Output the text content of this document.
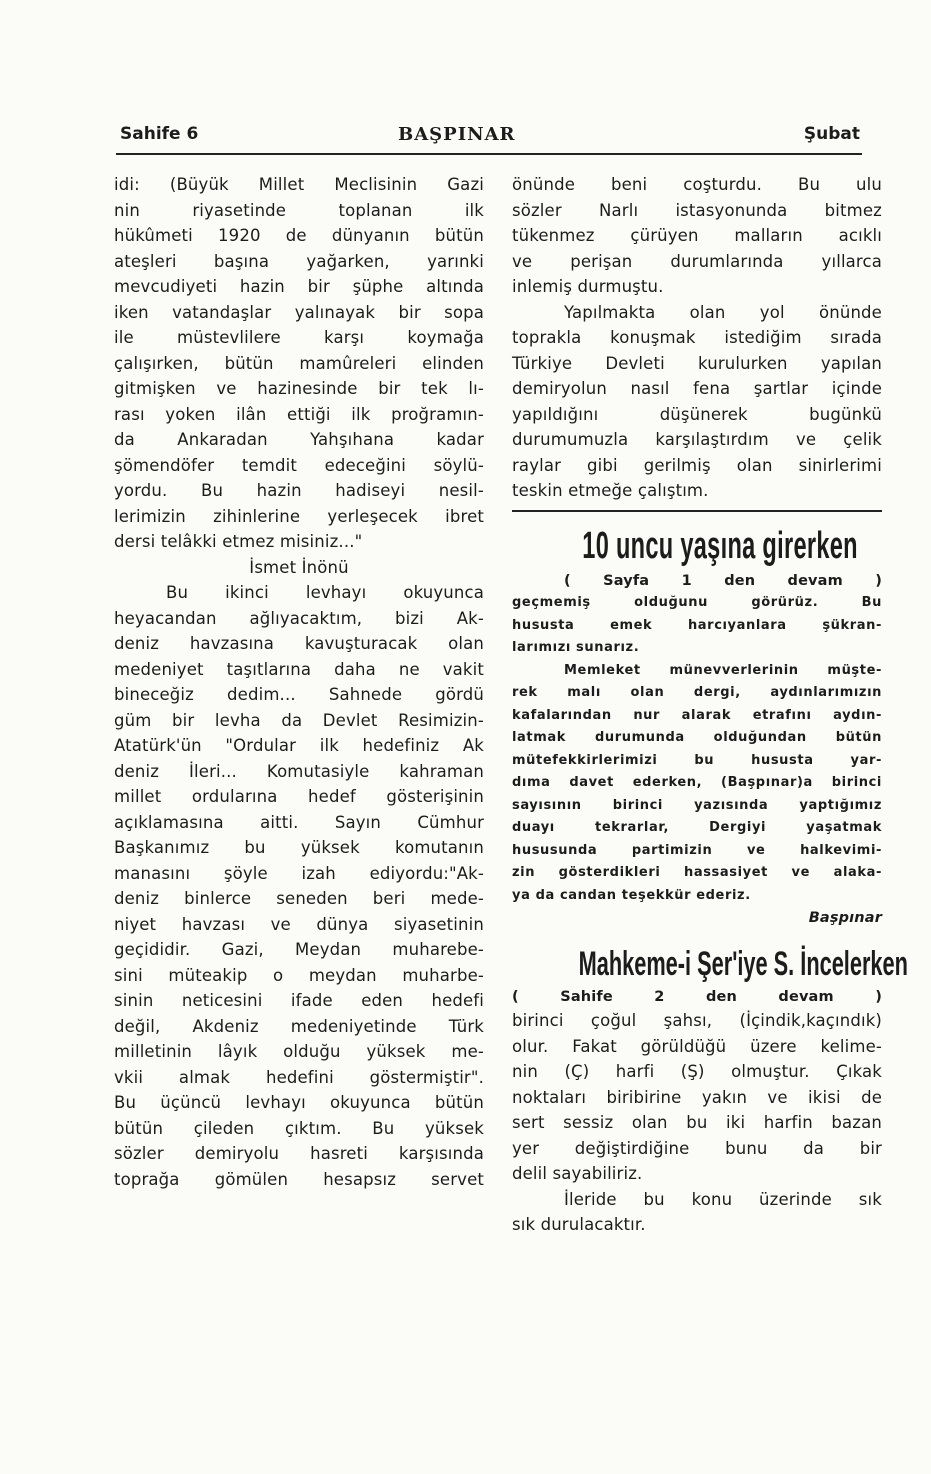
Sahife 6	BAŞPINAR	Şubat
idi: (Büyük Millet Meclisinin Gazi
nin riyasetinde toplanan ilk
hükûmeti 1920 de dünyanın bütün
ateşleri başına yağarken, yarınki
mevcudiyeti hazin bir şüphe altında
iken vatandaşlar yalınayak bir sopa
ile müstevlilere karşı koymağa
çalışırken, bütün mamûreleri elinden
gitmişken ve hazinesinde bir tek lı-
rası yoken ilân ettiği ilk proğramın-
da Ankaradan Yahşıhana kadar
şömendöfer temdit edeceğini söylü-
yordu. Bu hazin hadiseyi nesil-
lerimizin zihinlerine yerleşecek ibret
dersi telâkki etmez misiniz..."
İsmet İnönü
Bu ikinci levhayı okuyunca
heyacandan ağlıyacaktım, bizi Ak-
deniz havzasına kavuşturacak olan
medeniyet taşıtlarına daha ne vakit
bineceğiz dedim... Sahnede gördü
güm bir levha da Devlet Resimizin-
Atatürk'ün "Ordular ilk hedefiniz Ak
deniz İleri... Komutasiyle kahraman
millet ordularına hedef gösterişinin
açıklamasına aitti. Sayın Cümhur
Başkanımız bu yüksek komutanın
manasını şöyle izah ediyordu:"Ak-
deniz binlerce seneden beri mede-
niyet havzası ve dünya siyasetinin
geçididir. Gazi, Meydan muharebe-
sini müteakip o meydan muharbe-
sinin neticesini ifade eden hedefi
değil, Akdeniz medeniyetinde Türk
milletinin lâyık olduğu yüksek me-
vkii almak hedefini göstermiştir".
Bu üçüncü levhayı okuyunca bütün
bütün çileden çıktım. Bu yüksek
sözler demiryolu hasreti karşısında
toprağa gömülen hesapsız servet
önünde beni coşturdu. Bu ulu
sözler Narlı istasyonunda bitmez
tükenmez çürüyen malların acıklı
ve perişan durumlarında yıllarca
inlemiş durmuştu.
Yapılmakta olan yol önünde
toprakla konuşmak istediğim sırada
Türkiye Devleti kurulurken yapılan
demiryolun nasıl fena şartlar içinde
yapıldığını düşünerek bugünkü
durumumuzla karşılaştırdım ve çelik
raylar gibi gerilmiş olan sinirlerimi
teskin etmeğe çalıştım.
10 uncu yaşına girerken
( Sayfa 1 den devam )
geçmemiş olduğunu görürüz. Bu
hususta emek harcıyanlara şükran-
larımızı sunarız.
Memleket münevverlerinin müşte-
rek malı olan dergi, aydınlarımızın
kafalarından nur alarak etrafını aydın-
latmak durumunda olduğundan bütün
mütefekkirlerimizi bu hususta yar-
dıma davet ederken, (Başpınar)a birinci
sayısının birinci yazısında yaptığımız
duayı tekrarlar, Dergiyi yaşatmak
hususunda partimizin ve halkevimi-
zin gösterdikleri hassasiyet ve alaka-
ya da candan teşekkür ederiz.
Başpınar
Mahkeme-i Şer'iye S. İncelerken
( Sahife 2 den devam )
birinci çoğul şahsı, (İçindik,kaçındık)
olur. Fakat görüldüğü üzere kelime-
nin (Ç) harfi (Ş) olmuştur. Çıkak
noktaları biribirine yakın ve ikisi de
sert sessiz olan bu iki harfin bazan
yer değiştirdiğine bunu da bir
delil sayabiliriz.
İleride bu konu üzerinde sık
sık durulacaktır.
